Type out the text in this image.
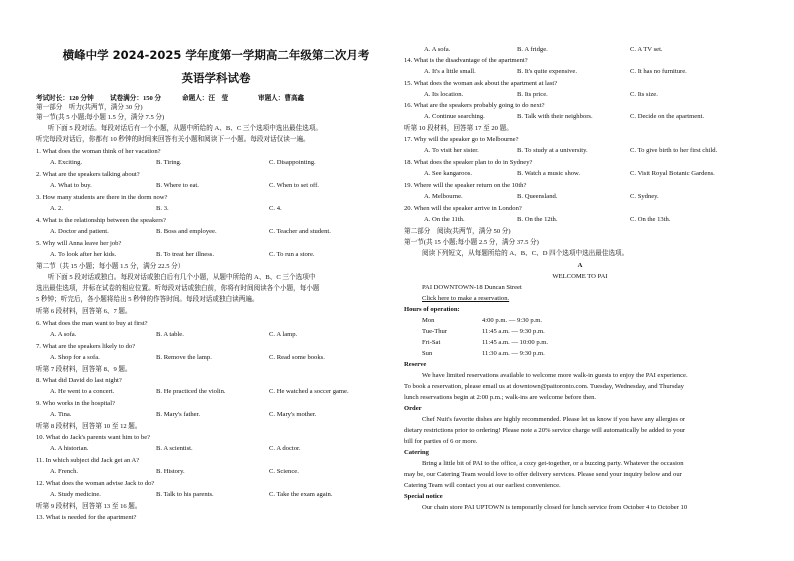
横峰中学 2024-2025 学年度第一学期高二年级第二次月考
英语学科试卷
考试时长：120 分钟 试卷满分：150 分	命题人：汪　莹	审题人：曹高鑫
第一部分　听力(共两节，满分 30 分)
第一节(共 5 小题;每小题 1.5 分，满分 7.5 分)
听下面 5 段对话。每段对话后有一个小题，从题中所给的 A、B、C 三个选项中选出最佳选项。
听完每段对话后，你都有 10 秒钟的时间来回答有关小题和阅读下一小题。每段对话仅读一遍。
1. What does the woman think of her vacation?
A. Exciting.	B. Tiring.	C. Disappointing.
2. What are the speakers talking about?
A. What to buy.	B. Where to eat.	C. When to set off.
3. How many students are there in the dorm now?
A. 2.	B. 3.	C. 4.
4. What is the relationship between the speakers?
A. Doctor and patient.	B. Boss and employee.	C. Teacher and student.
5. Why will Anna leave her job?
A. To look after her kids.	B. To treat her illness.	C. To run a store.
第二节（共 15 小题；每小题 1.5 分，满分 22.5 分）
听下面 5 段对话或独白。每段对话或独白后有几个小题，从题中所给的 A、B、C 三个选项中
选出最佳选项，并标在试卷的相应位置。听每段对话或独白前，你将有时间阅读各个小题，每小题
5 秒钟；听完后，各小题将给出 5 秒钟的作答时间。每段对话或独白读两遍。
听第 6 段材料，回答第 6、7 题。
6. What does the man want to buy at first?
A. A sofa.	B. A table.	C. A lamp.
7. What are the speakers likely to do?
A. Shop for a sofa.	B. Remove the lamp.	C. Read some books.
听第 7 段材料，回答第 8、9 题。
8. What did David do last night?
A. He went to a concert.	B. He practiced the violin.	C. He watched a soccer game.
9. Who works in the hospital?
A. Tina.	B. Mary's father.	C. Mary's mother.
听第 8 段材料，回答第 10 至 12 题。
10. What do Jack's parents want him to be?
A. A historian.	B. A scientist.	C. A doctor.
11. In which subject did Jack get an A?
A. French.	B. History.	C. Science.
12. What does the woman advise Jack to do?
A. Study medicine.	B. Talk to his parents.	C. Take the exam again.
听第 9 段材料，回答第 13 至 16 题。
13. What is needed for the apartment?
A. A sofa.	B. A fridge.	C. A TV set.
14. What is the disadvantage of the apartment?
A. It's a little small.	B. It's quite expensive.	C. It has no furniture.
15. What does the woman ask about the apartment at last?
A. Its location.	B. Its price.	C. Its size.
16. What are the speakers probably going to do next?
A. Continue searching.	B. Talk with their neighbors.	C. Decide on the apartment.
听第 10 段材料，回答第 17 至 20 题。
17. Why will the speaker go to Melbourne?
A. To visit her sister.	B. To study at a university.	C. To give birth to her first child.
18. What does the speaker plan to do in Sydney?
A. See kangaroos.	B. Watch a music show.	C. Visit Royal Botanic Gardens.
19. Where will the speaker return on the 10th?
A. Melbourne.	B. Queensland.	C. Sydney.
20. When will the speaker arrive in London?
A. On the 11th.	B. On the 12th.	C. On the 13th.
第二部分　阅读(共两节，满分 50 分)
第一节(共 15 小题;每小题 2.5 分，满分 37.5 分)
阅读下列短文，从每题所给的 A、B、C、D 四个选项中选出最佳选项。
A
WELCOME TO PAI
PAI DOWNTOWN-18 Duncan Street
Click here to make a reservation.
Hours of operation:
Mon	4:00 p.m. — 9:30 p.m.
Tue-Thur	11:45 a.m. — 9:30 p.m.
Fri-Sat	11:45 a.m. — 10:00 p.m.
Sun	11:30 a.m. — 9:30 p.m.
Reserve
We have limited reservations available to welcome more walk-in guests to enjoy the PAI experience.
To book a reservation, please email us at downtown@paitoronto.com. Tuesday, Wednesday, and Thursday
lunch reservations begin at 2:00 p.m.; walk-ins are welcome before then.
Order
Chef Nuit's favorite dishes are highly recommended. Please let us know if you have any allergies or
dietary restrictions prior to ordering! Please note a 20% service charge will automatically be added to your
bill for parties of 6 or more.
Catering
Bring a little bit of PAI to the office, a cozy get-together, or a buzzing party. Whatever the occasion
may be, our Catering Team would love to offer delivery services. Please send your inquiry below and our
Catering Team will contact you at our earliest convenience.
Special notice
Our chain store PAI UPTOWN is temporarily closed for lunch service from October 4 to October 10
